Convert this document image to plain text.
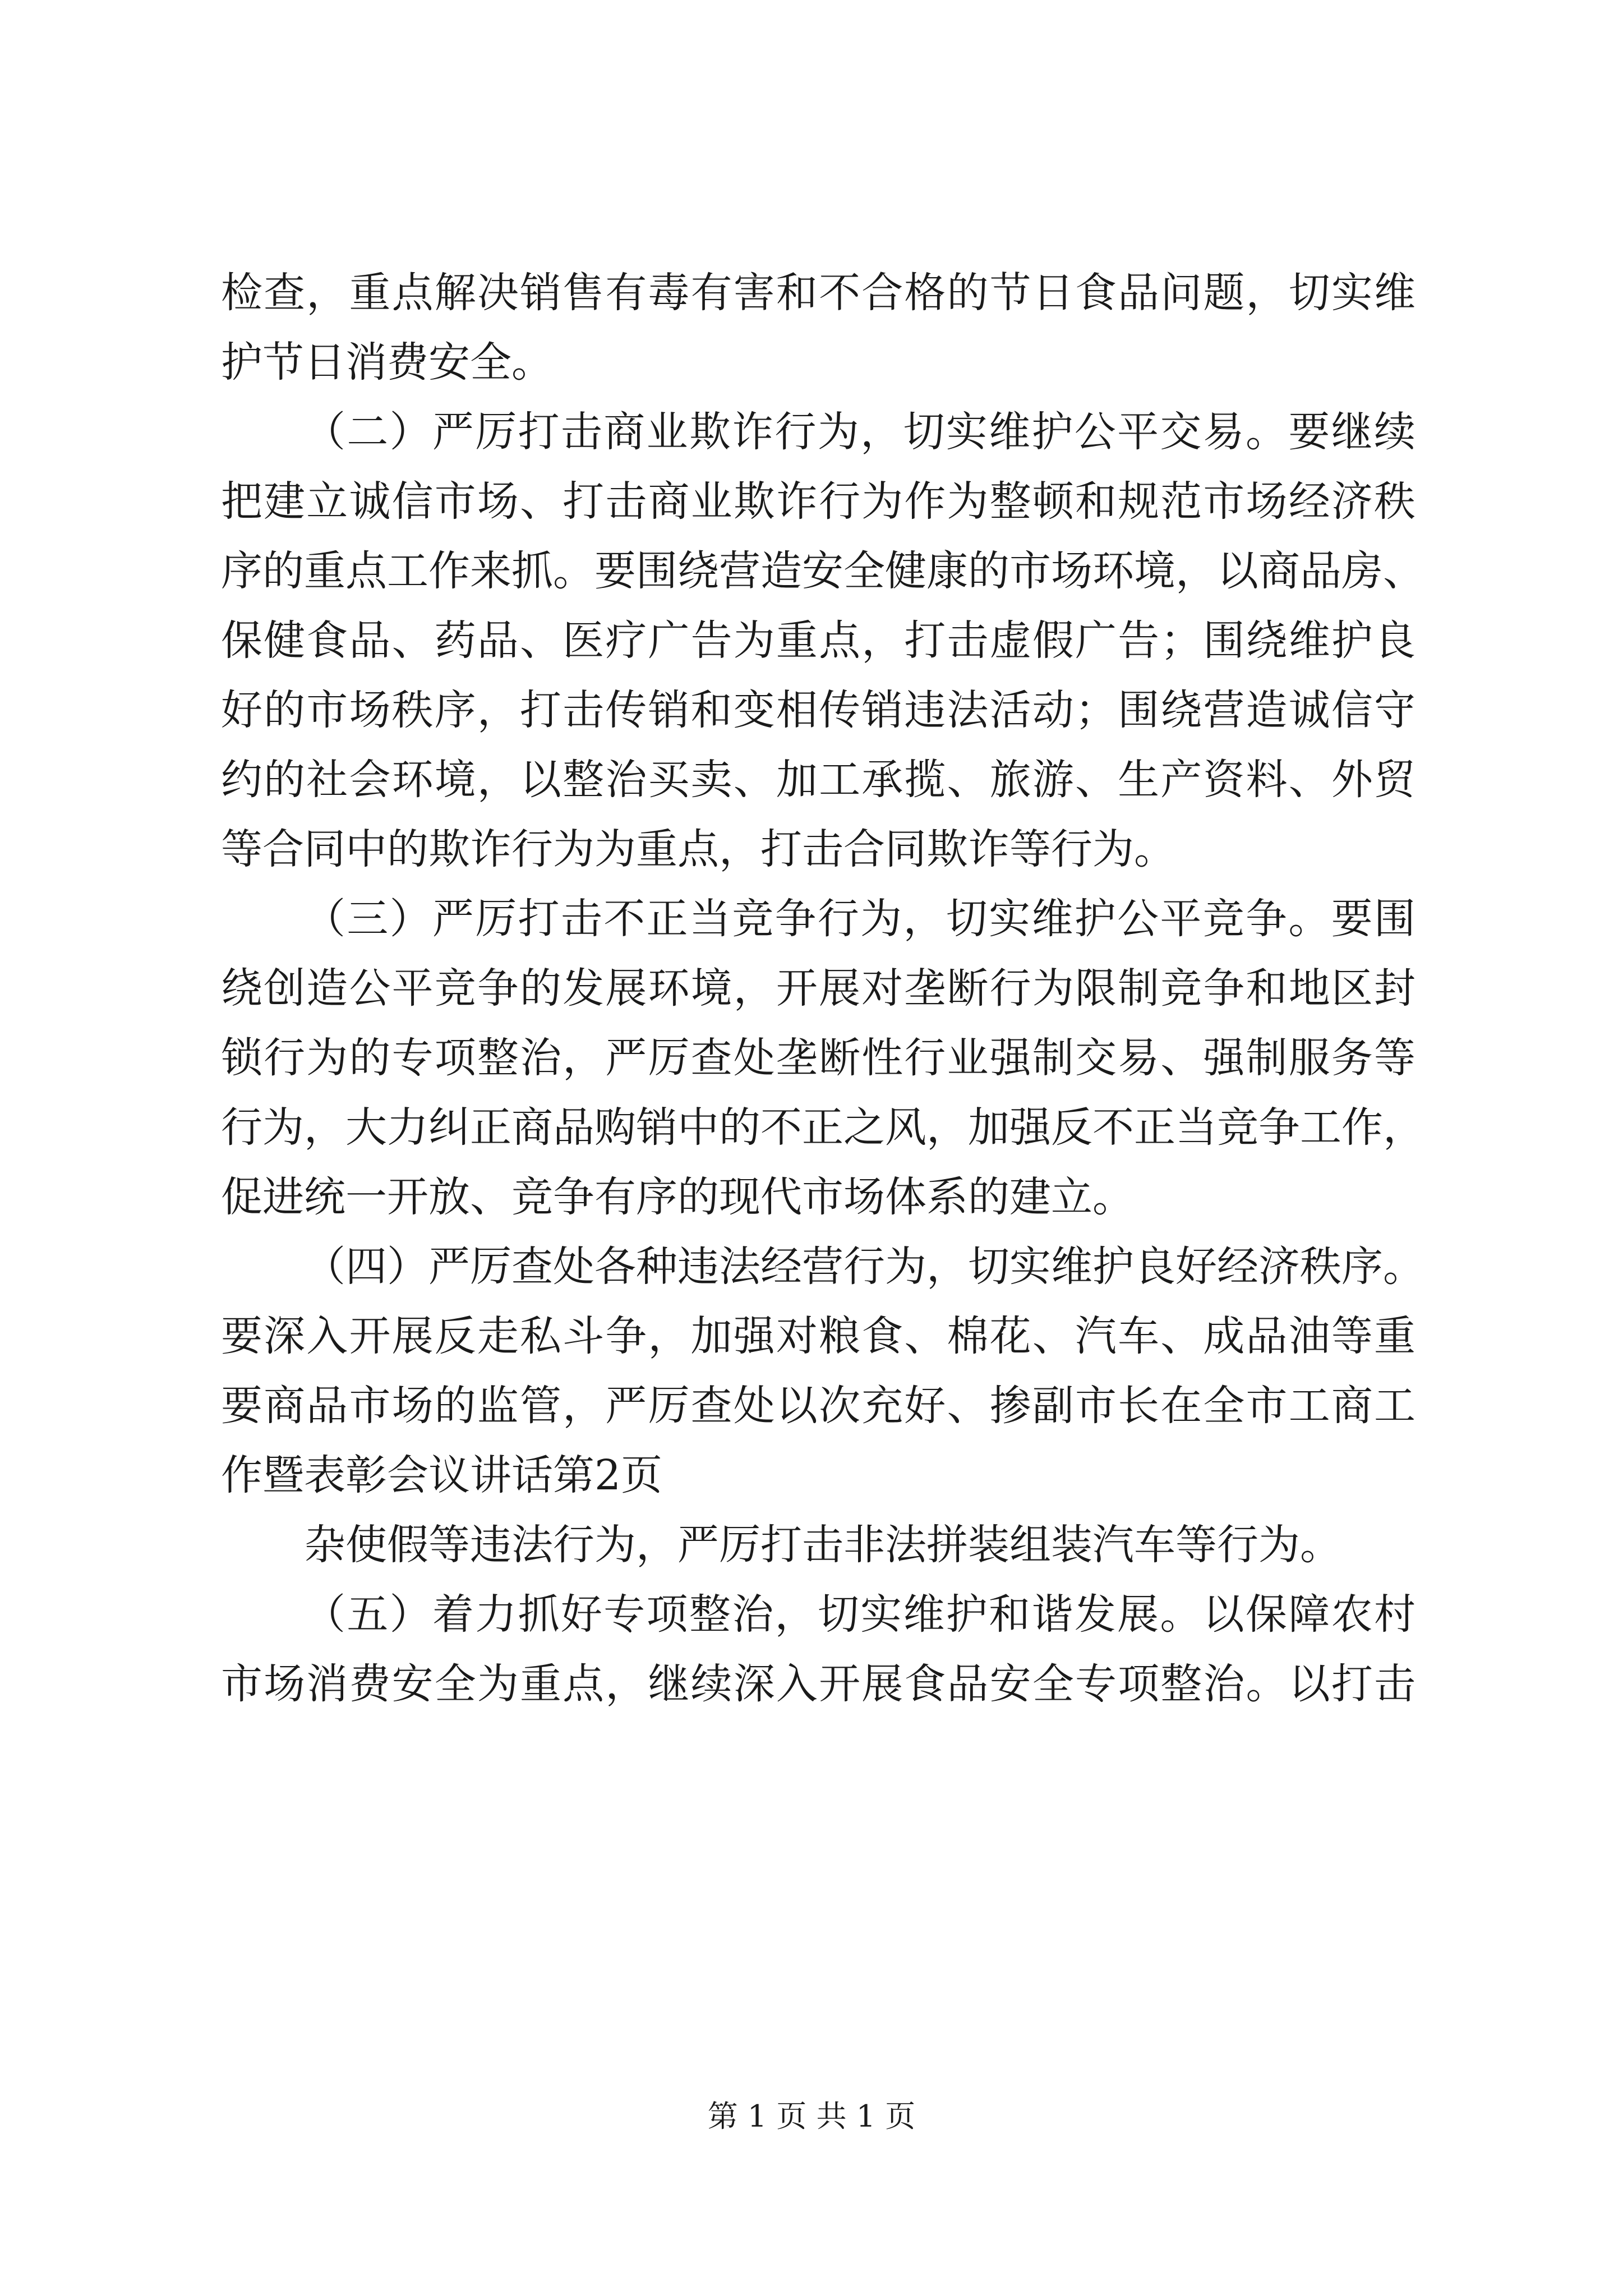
检查，重点解决销售有毒有害和不合格的节日食品问题，切实维
护节日消费安全。
（二）严厉打击商业欺诈行为，切实维护公平交易。要继续
把建立诚信市场、打击商业欺诈行为作为整顿和规范市场经济秩
序的重点工作来抓。要围绕营造安全健康的市场环境，以商品房、
保健食品、药品、医疗广告为重点，打击虚假广告；围绕维护良
好的市场秩序，打击传销和变相传销违法活动；围绕营造诚信守
约的社会环境，以整治买卖、加工承揽、旅游、生产资料、外贸
等合同中的欺诈行为为重点，打击合同欺诈等行为。
（三）严厉打击不正当竞争行为，切实维护公平竞争。要围
绕创造公平竞争的发展环境，开展对垄断行为限制竞争和地区封
锁行为的专项整治，严厉查处垄断性行业强制交易、强制服务等
行为，大力纠正商品购销中的不正之风，加强反不正当竞争工作，
促进统一开放、竞争有序的现代市场体系的建立。
（四）严厉查处各种违法经营行为，切实维护良好经济秩序。
要深入开展反走私斗争，加强对粮食、棉花、汽车、成品油等重
要商品市场的监管，严厉查处以次充好、掺副市长在全市工商工
作暨表彰会议讲话第2页
杂使假等违法行为，严厉打击非法拼装组装汽车等行为。
（五）着力抓好专项整治，切实维护和谐发展。以保障农村
市场消费安全为重点，继续深入开展食品安全专项整治。以打击
第 1 页 共 1 页
